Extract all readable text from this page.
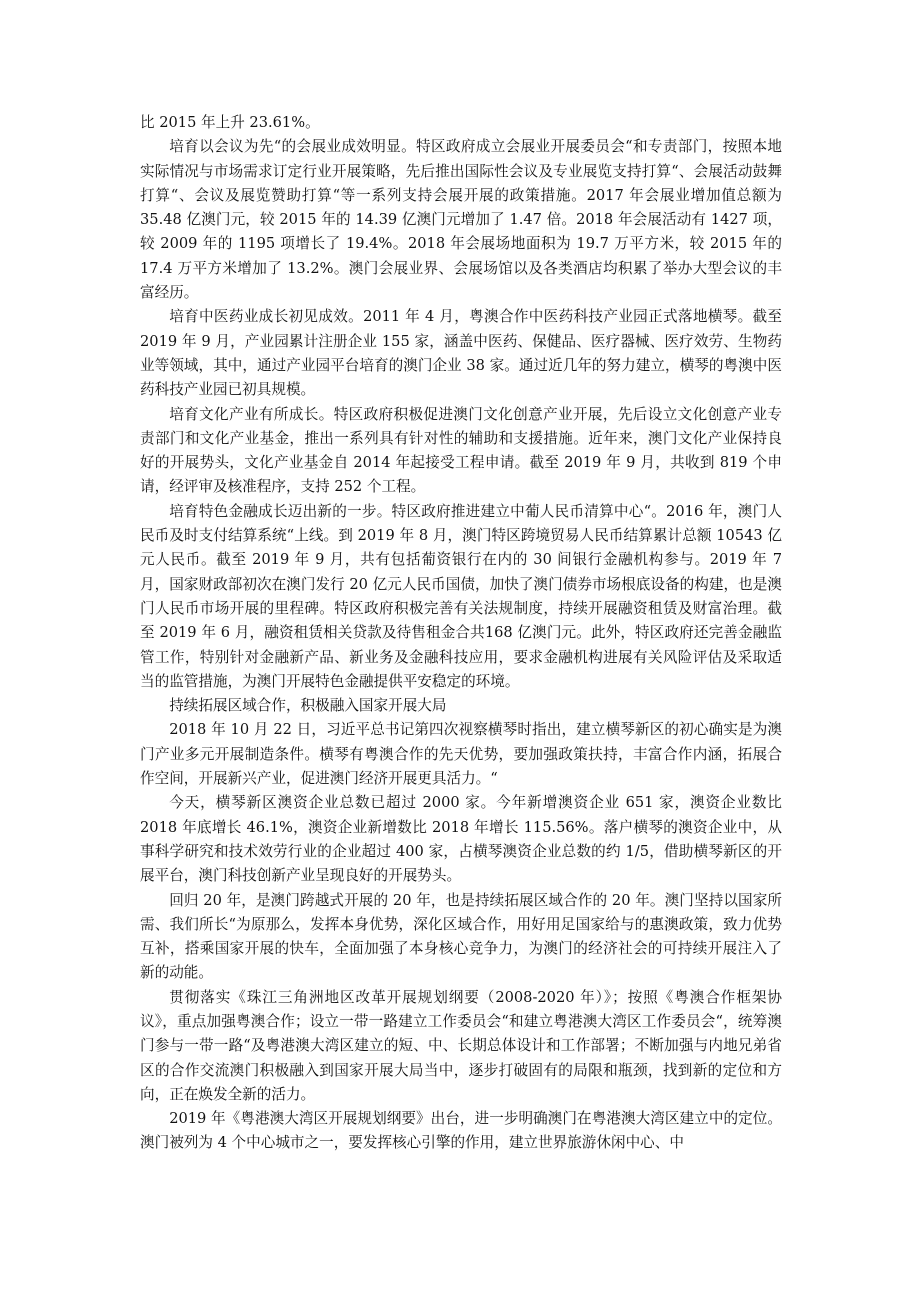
比 2015 年上升 23.61%。

培育以会议为先“的会展业成效明显。特区政府成立会展业开展委员会“和专责部门，按照本地实际情况与市场需求订定行业开展策略，先后推出国际性会议及专业展览支持打算“、会展活动鼓舞打算“、会议及展览赞助打算“等一系列支持会展开展的政策措施。2017 年会展业增加值总额为 35.48 亿澳门元，较 2015 年的 14.39 亿澳门元增加了 1.47 倍。2018 年会展活动有 1427 项，较 2009 年的 1195 项增长了 19.4%。2018 年会展场地面积为 19.7 万平方米，较 2015 年的 17.4 万平方米增加了 13.2%。澳门会展业界、会展场馆以及各类酒店均积累了举办大型会议的丰富经历。

培育中医药业成长初见成效。2011 年 4 月，粤澳合作中医药科技产业园正式落地横琴。截至 2019 年 9 月，产业园累计注册企业 155 家，涵盖中医药、保健品、医疗器械、医疗效劳、生物药业等领域，其中，通过产业园平台培育的澳门企业 38 家。通过近几年的努力建立，横琴的粤澳中医药科技产业园已初具规模。

培育文化产业有所成长。特区政府积极促进澳门文化创意产业开展，先后设立文化创意产业专责部门和文化产业基金，推出一系列具有针对性的辅助和支援措施。近年来，澳门文化产业保持良好的开展势头，文化产业基金自 2014 年起接受工程申请。截至 2019 年 9 月，共收到 819 个申请，经评审及核准程序，支持 252 个工程。

培育特色金融成长迈出新的一步。特区政府推进建立中葡人民币清算中心“。2016 年，澳门人民币及时支付结算系统“上线。到 2019 年 8 月，澳门特区跨境贸易人民币结算累计总额 10543 亿元人民币。截至 2019 年 9 月，共有包括葡资银行在内的 30 间银行金融机构参与。2019 年 7 月，国家财政部初次在澳门发行 20 亿元人民币国债，加快了澳门债券市场根底设备的构建，也是澳门人民币市场开展的里程碑。特区政府积极完善有关法规制度，持续开展融资租赁及财富治理。截至 2019 年 6 月，融资租赁相关贷款及待售租金合共168 亿澳门元。此外，特区政府还完善金融监管工作，特别针对金融新产品、新业务及金融科技应用，要求金融机构进展有关风险评估及采取适当的监管措施，为澳门开展特色金融提供平安稳定的环境。

持续拓展区域合作，积极融入国家开展大局

2018 年 10 月 22 日，习近平总书记第四次视察横琴时指出，建立横琴新区的初心确实是为澳门产业多元开展制造条件。横琴有粤澳合作的先天优势，要加强政策扶持，丰富合作内涵，拓展合作空间，开展新兴产业，促进澳门经济开展更具活力。“

今天，横琴新区澳资企业总数已超过 2000 家。今年新增澳资企业 651 家，澳资企业数比 2018 年底增长 46.1%，澳资企业新增数比 2018 年增长 115.56%。落户横琴的澳资企业中，从事科学研究和技术效劳行业的企业超过 400 家，占横琴澳资企业总数的约 1/5，借助横琴新区的开展平台，澳门科技创新产业呈现良好的开展势头。

回归 20 年，是澳门跨越式开展的 20 年，也是持续拓展区域合作的 20 年。澳门坚持以国家所需、我们所长“为原那么，发挥本身优势，深化区域合作，用好用足国家给与的惠澳政策，致力优势互补，搭乘国家开展的快车，全面加强了本身核心竞争力，为澳门的经济社会的可持续开展注入了新的动能。

贯彻落实《珠江三角洲地区改革开展规划纲要（2008-2020 年）》；按照《粤澳合作框架协议》，重点加强粤澳合作；设立一带一路建立工作委员会“和建立粤港澳大湾区工作委员会“，统筹澳门参与一带一路“及粤港澳大湾区建立的短、中、长期总体设计和工作部署；不断加强与内地兄弟省区的合作交流澳门积极融入到国家开展大局当中，逐步打破固有的局限和瓶颈，找到新的定位和方向，正在焕发全新的活力。

2019 年《粤港澳大湾区开展规划纲要》出台，进一步明确澳门在粤港澳大湾区建立中的定位。澳门被列为 4 个中心城市之一，要发挥核心引擎的作用，建立世界旅游休闲中心、中
